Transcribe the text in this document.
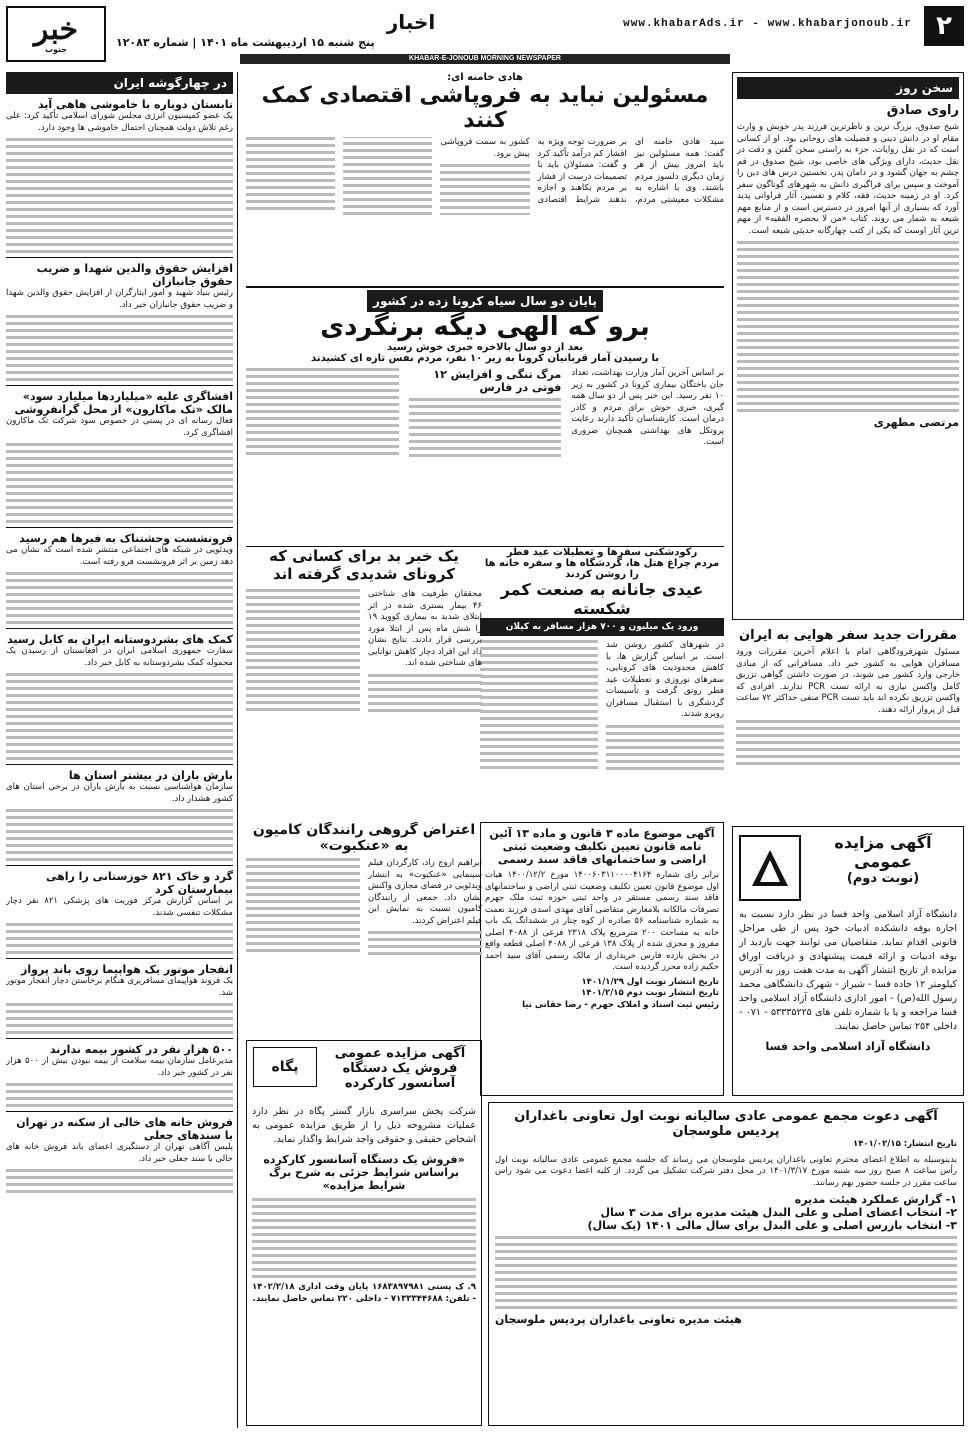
۲
www.khabarAds.ir - www.khabarjonoub.ir
اخبار
پنج شنبه ۱۵ اردیبهشت ماه ۱۴۰۱ | شماره ۱۲۰۸۳
خبر
جنوب
KHABAR-E-JONOUB MORNING NEWSPAPER
سخن روز
راوی صادق

شیخ صدوق، بزرگ ترین و ناظرترین فرزند پدر خویش و وارث مقام او در دانش دینی و فضیلت های روحانی بود. او از کسانی است که در نقل روایات، جزء به راستی سخن گفتن و دقت در نقل حدیث، دارای ویژگی های خاصی بود. شیخ صدوق در قم چشم به جهان گشود و در دامان پدر، نخستین درس های دین را آموخت و سپس برای فراگیری دانش به شهرهای گوناگون سفر کرد. او در زمینه حدیث، فقه، کلام و تفسیر، آثار فراوانی پدید آورد که بسیاری از آنها امروز در دسترس است و از منابع مهم شیعه به شمار می روند. کتاب «من لا یحضره الفقیه» از مهم ترین آثار اوست که یکی از کتب چهارگانه حدیثی شیعه است.

مرتضی مطهری
مقررات جدید سفر هوایی به ایران

مسئول شهرفرودگاهی امام با اعلام آخرین مقررات ورود مسافران هوایی به کشور خبر داد. مسافرانی که از مبادی خارجی وارد کشور می شوند، در صورت داشتن گواهی تزریق کامل واکسن نیازی به ارائه تست PCR ندارند. افرادی که واکسن تزریق نکرده اند باید تست PCR منفی حداکثر ۷۲ ساعت قبل از پرواز ارائه دهند.

آگهی مزایده عمومی
(نوبت دوم)

دانشگاه آزاد اسلامی واحد فسا در نظر دارد نسبت به اجاره بوفه دانشکده ادبیات خود پس از طی مراحل قانونی اقدام نماید. متقاضیان می توانند جهت بازدید از بوفه ادبیات و ارائه قیمت پیشنهادی و دریافت اوراق مزایده از تاریخ انتشار آگهی به مدت هفت روز به آدرس کیلومتر ۱۲ جاده فسا - شیراز - شهرک دانشگاهی محمد رسول الله(ص) - امور اداری دانشگاه آزاد اسلامی واحد فسا مراجعه و یا با شماره تلفن های ۵۳۳۳۵۲۲۵ - ۰۷۱ - داخلی ۲۵۴ تماس حاصل نمایند.

دانشگاه آزاد اسلامی واحد فسا
هادی خامنه ای:
مسئولین نباید به فروپاشی اقتصادی کمک کنند

سید هادی خامنه ای گفت: همه مسئولین نیز باید امروز بیش از هر زمان دیگری دلسوز مردم باشند. وی با اشاره به مشکلات معیشتی مردم، بر ضرورت توجه ویژه به اقشار کم درآمد تأکید کرد و گفت: مسئولان باید با تصمیمات درست از فشار بر مردم بکاهند و اجازه ندهند شرایط اقتصادی کشور به سمت فروپاشی پیش برود.

پایان دو سال سیاه کرونا زده در کشور
برو که الهی دیگه برنگردی
بعد از دو سال بالاخره خبری خوش رسید
با رسیدن آمار قربانیان کرونا به زیر ۱۰ نفر، مردم نفس تازه ای کشیدند

بر اساس آخرین آمار وزارت بهداشت، تعداد جان باختگان بیماری کرونا در کشور به زیر ۱۰ نفر رسید. این خبر پس از دو سال همه گیری، خبری خوش برای مردم و کادر درمان است. کارشناسان تأکید دارند رعایت پروتکل های بهداشتی همچنان ضروری است.

مرگ تنگی و افزایش ۱۲ فوتی در فارس
رکودشکنی سفرها و تعطیلات عید فطر
مردم چراغ هتل ها، گردشگاه ها و سفره خانه ها را روشن کردند
عیدی جانانه به صنعت کمر شکسته
ورود یک میلیون و ۷۰۰ هزار مسافر به کیلان

در شهرهای کشور روشن شد است. بر اساس گزارش ها، با کاهش محدودیت های کرونایی، سفرهای نوروزی و تعطیلات عید فطر رونق گرفت و تأسیسات گردشگری با استقبال مسافران روبرو شدند.

یک خبر بد برای کسانی که کرونای شدیدی گرفته اند

محققان طرفیت های شناختی ۴۶ بیمار بستری شده در اثر ابتلای شدید به بیماری کووید ۱۹ را شش ماه پس از ابتلا مورد بررسی قرار دادند. نتایج نشان داد این افراد دچار کاهش توانایی های شناختی شده اند.

آگهی موضوع ماده ۳ قانون و ماده ۱۳ آئین نامه قانون تعیین تکلیف وضعیت ثبتی اراضی و ساختمانهای فاقد سند رسمی

برابر رای شماره ۱۴۰۰۶۰۳۱۱۰۰۰۰۴۱۶۴ مورخ ۱۴۰۰/۱۲/۲ هیات اول موضوع قانون تعیین تکلیف وضعیت ثبتی اراضی و ساختمانهای فاقد سند رسمی مستقر در واحد ثبتی حوزه ثبت ملک جهرم تصرفات مالکانه بلامعارض متقاضی آقای مهدی اسدی فرزند نعمت به شماره شناسنامه ۵۶ صادره از کوه چنار در ششدانگ یک باب خانه به مساحت ۲۰۰ مترمربع پلاک ۲۳۱۸ فرعی از ۴۰۸۸ اصلی مفروز و مجزی شده از پلاک ۱۳۸ فرعی از ۴۰۸۸ اصلی قطعه واقع در بخش یازده فارس خریداری از مالک رسمی آقای سید احمد حکیم زاده محرز گردیده است.

تاریخ انتشار نوبت اول ۱۴۰۱/۱/۲۹
تاریخ انتشار نوبت دوم ۱۴۰۱/۲/۱۵
رئیس ثبت اسناد و املاک جهرم - رضا حقانی نیا
اعتراض گروهی رانندگان کامیون به «عنکبوت»

ابراهیم اروج زاد، کارگردان فیلم سینمایی «عنکبوت» به انتشار ویدئویی در فضای مجازی واکنش نشان داد. جمعی از رانندگان کامیون نسبت به نمایش این فیلم اعتراض کردند.

پگاه
آگهی مزایده عمومی فروش یک دستگاه آسانسور کارکرده

شرکت پخش سراسری بازار گستر پگاه در نظر دارد عملیات مشروحه ذیل را از طریق مزایده عمومی به اشخاص حقیقی و حقوقی واجد شرایط واگذار نماید.

«فروش یک دستگاه آسانسور کارکرده براساس شرایط جزئی به شرح برگ شرایط مزایده»

۹. ک پستی ۱۶۸۳۸۹۷۹۸۱ پایان وقت اداری ۱۴۰۲/۲/۱۸ - تلفن: ۷۱۳۳۳۴۴۶۸۸ - داخلی ۲۲۰ تماس حاصل نمایند.

آگهی دعوت مجمع عمومی عادی سالیانه نوبت اول تعاونی باغداران پردیس ملوسجان
تاریخ انتشار: ۱۴۰۱/۰۲/۱۵

بدینوسیله به اطلاع اعضای محترم تعاونی باغداران پردیس ملوسجان می رساند که جلسه مجمع عمومی عادی سالیانه نوبت اول رأس ساعت ۸ صبح روز سه شنبه مورخ ۱۴۰۱/۳/۱۷ در محل دفتر شرکت تشکیل می گردد. از کلیه اعضا دعوت می شود راس ساعت مقرر در جلسه حضور بهم رسانند.

۱- گزارش عملکرد هیئت مدیره
۲- انتخاب اعضای اصلی و علی البدل هیئت مدیره برای مدت ۳ سال
۳- انتخاب بازرس اصلی و علی البدل برای سال مالی ۱۴۰۱ (یک سال)
هیئت مدیره تعاونی باغداران پردیس ملوسجان
در چهارگوشه ایران
تابستان دوباره با خاموشی هاهی آید

یک عضو کمیسیون انرژی مجلس شورای اسلامی تأکید کرد: علی رغم تلاش دولت همچنان احتمال خاموشی ها وجود دارد.

افزایش حقوق والدین شهدا و ضریب حقوق جانبازان

رئیس بنیاد شهید و امور ایثارگران از افزایش حقوق والدین شهدا و ضریب حقوق جانبازان خبر داد.

افشاگری علیه «میلیاردها میلیارد سود» مالک «تک ماکارون» از محل گرانفروشی

فعال رسانه ای در پستی در خصوص سود شرکت تک ماکارون افشاگری کرد.

فرونشست وحشتناک به فبرها هم رسید

ویدئویی در شبکه های اجتماعی منتشر شده است که نشان می دهد زمین بر اثر فرونشست فرو رفته است.

کمک های بشردوستانه ایران به کابل رسید

سفارت جمهوری اسلامی ایران در افغانستان از رسیدن یک محموله کمک بشردوستانه به کابل خبر داد.

بارش باران در بیشتر استان ها

سازمان هواشناسی نسبت به بارش باران در برخی استان های کشور هشدار داد.

گرد و خاک ۸۲۱ خوزستانی را راهی بیمارستان کرد

بر اساس گزارش مرکز فوریت های پزشکی ۸۲۱ نفر دچار مشکلات تنفسی شدند.

انفجار موتور یک هواپیما روی باند پرواز

یک فروند هواپیمای مسافربری هنگام برخاستن دچار انفجار موتور شد.

۵۰۰ هزار نفر در کشور بیمه ندارند

مدیرعامل سازمان بیمه سلامت از بیمه نبودن بیش از ۵۰۰ هزار نفر در کشور خبر داد.

فروش خانه های خالی از سکنه در تهران با سندهای جعلی

پلیس آگاهی تهران از دستگیری اعضای باند فروش خانه های خالی با سند جعلی خبر داد.
